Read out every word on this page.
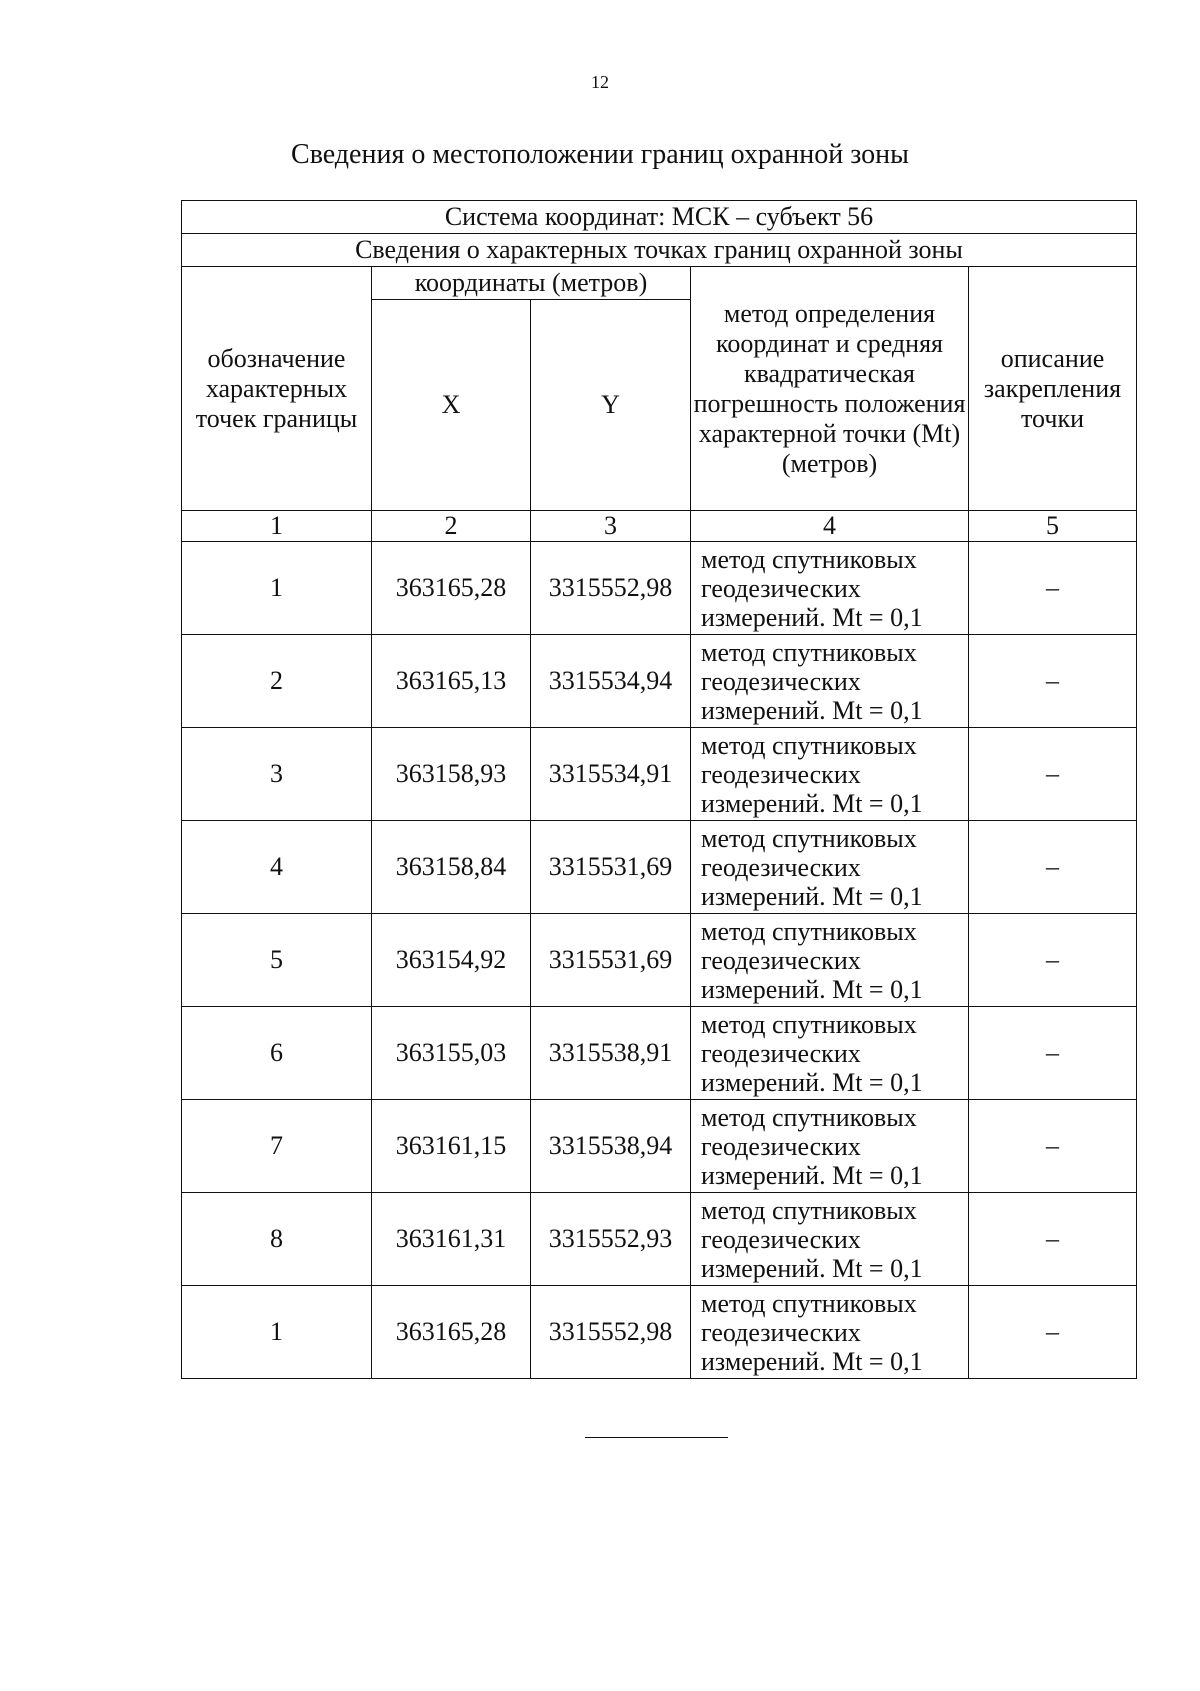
12
Сведения о местоположении границ охранной зоны
Система координат: МСК – субъект 56				
Сведения о характерных точках границ охранной зоны				
обозначение характерных точек границы	координаты (метров)		метод определения координат и средняя квадратическая погрешность положения характерной точки (Mt) (метров)	описание закрепления точки
	X	Y		
1	2	3	4	5
1	363165,28	3315552,98	метод спутниковых
геодезических
измерений. Mt = 0,1	–
2	363165,13	3315534,94	метод спутниковых
геодезических
измерений. Mt = 0,1	–
3	363158,93	3315534,91	метод спутниковых
геодезических
измерений. Mt = 0,1	–
4	363158,84	3315531,69	метод спутниковых
геодезических
измерений. Mt = 0,1	–
5	363154,92	3315531,69	метод спутниковых
геодезических
измерений. Mt = 0,1	–
6	363155,03	3315538,91	метод спутниковых
геодезических
измерений. Mt = 0,1	–
7	363161,15	3315538,94	метод спутниковых
геодезических
измерений. Mt = 0,1	–
8	363161,31	3315552,93	метод спутниковых
геодезических
измерений. Mt = 0,1	–
1	363165,28	3315552,98	метод спутниковых
геодезических
измерений. Mt = 0,1	–
